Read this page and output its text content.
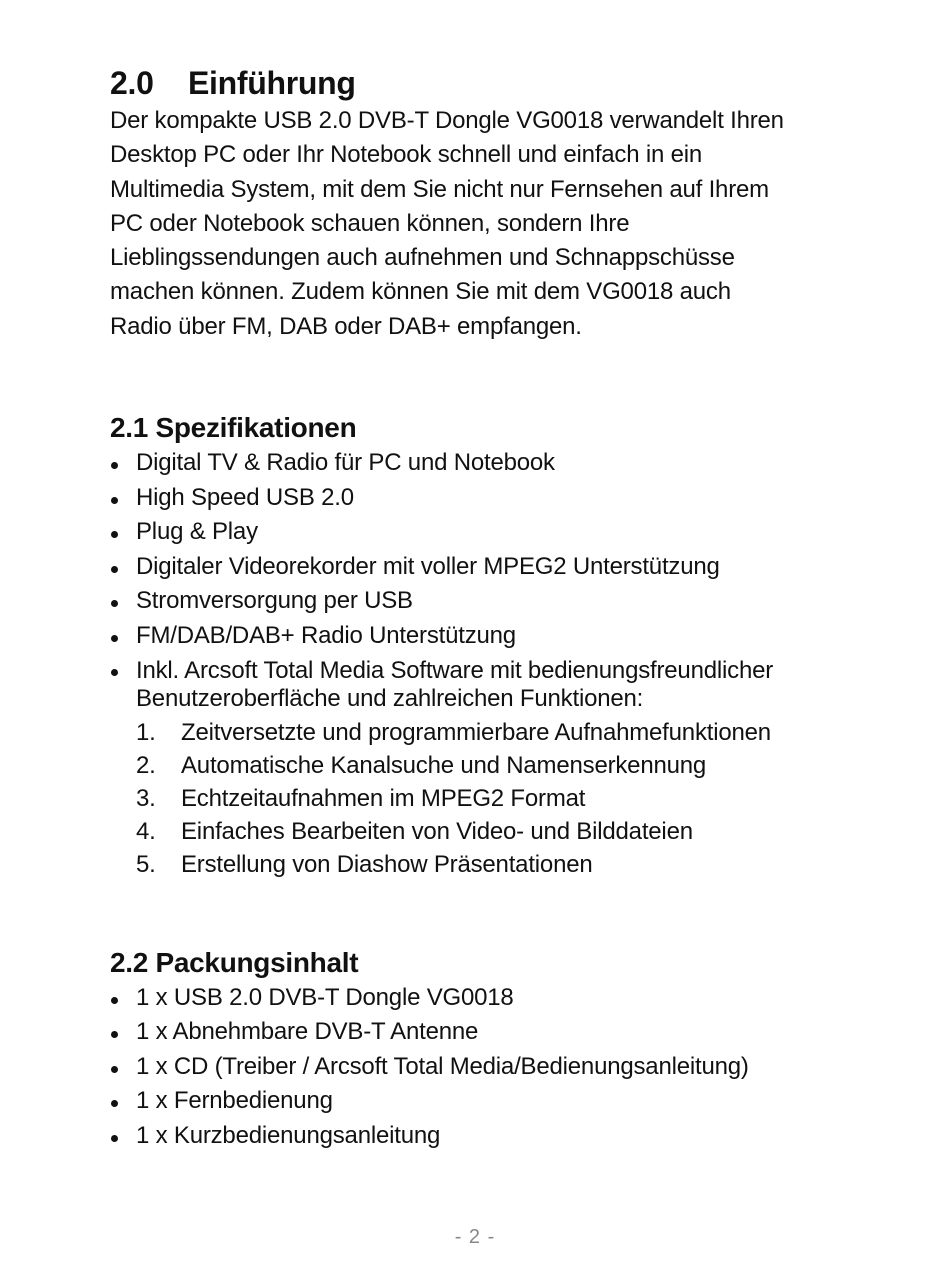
2.0 Einführung

Der kompakte USB 2.0 DVB-T Dongle VG0018 verwandelt Ihren
Desktop PC oder Ihr Notebook schnell und einfach in ein
Multimedia System, mit dem Sie nicht nur Fernsehen auf Ihrem
PC oder Notebook schauen können, sondern Ihre
Lieblingssendungen auch aufnehmen und Schnappschüsse
machen können. Zudem können Sie mit dem VG0018 auch
Radio über FM, DAB oder DAB+ empfangen.

2.1 Spezifikationen
Digital TV & Radio für PC und Notebook
High Speed USB 2.0
Plug & Play
Digitaler Videorekorder mit voller MPEG2 Unterstützung
Stromversorgung per USB
FM/DAB/DAB+ Radio Unterstützung
Inkl. Arcsoft Total Media Software mit bedienungsfreundlicher
Benutzeroberfläche und zahlreichen Funktionen:
1. Zeitversetzte und programmierbare Aufnahmefunktionen
2. Automatische Kanalsuche und Namenserkennung
3. Echtzeitaufnahmen im MPEG2 Format
4. Einfaches Bearbeiten von Video- und Bilddateien
5. Erstellung von Diashow Präsentationen
2.2 Packungsinhalt
1 x USB 2.0 DVB-T Dongle VG0018
1 x Abnehmbare DVB-T Antenne
1 x CD (Treiber / Arcsoft Total Media/Bedienungsanleitung)
1 x Fernbedienung
1 x Kurzbedienungsanleitung
- 2 -
